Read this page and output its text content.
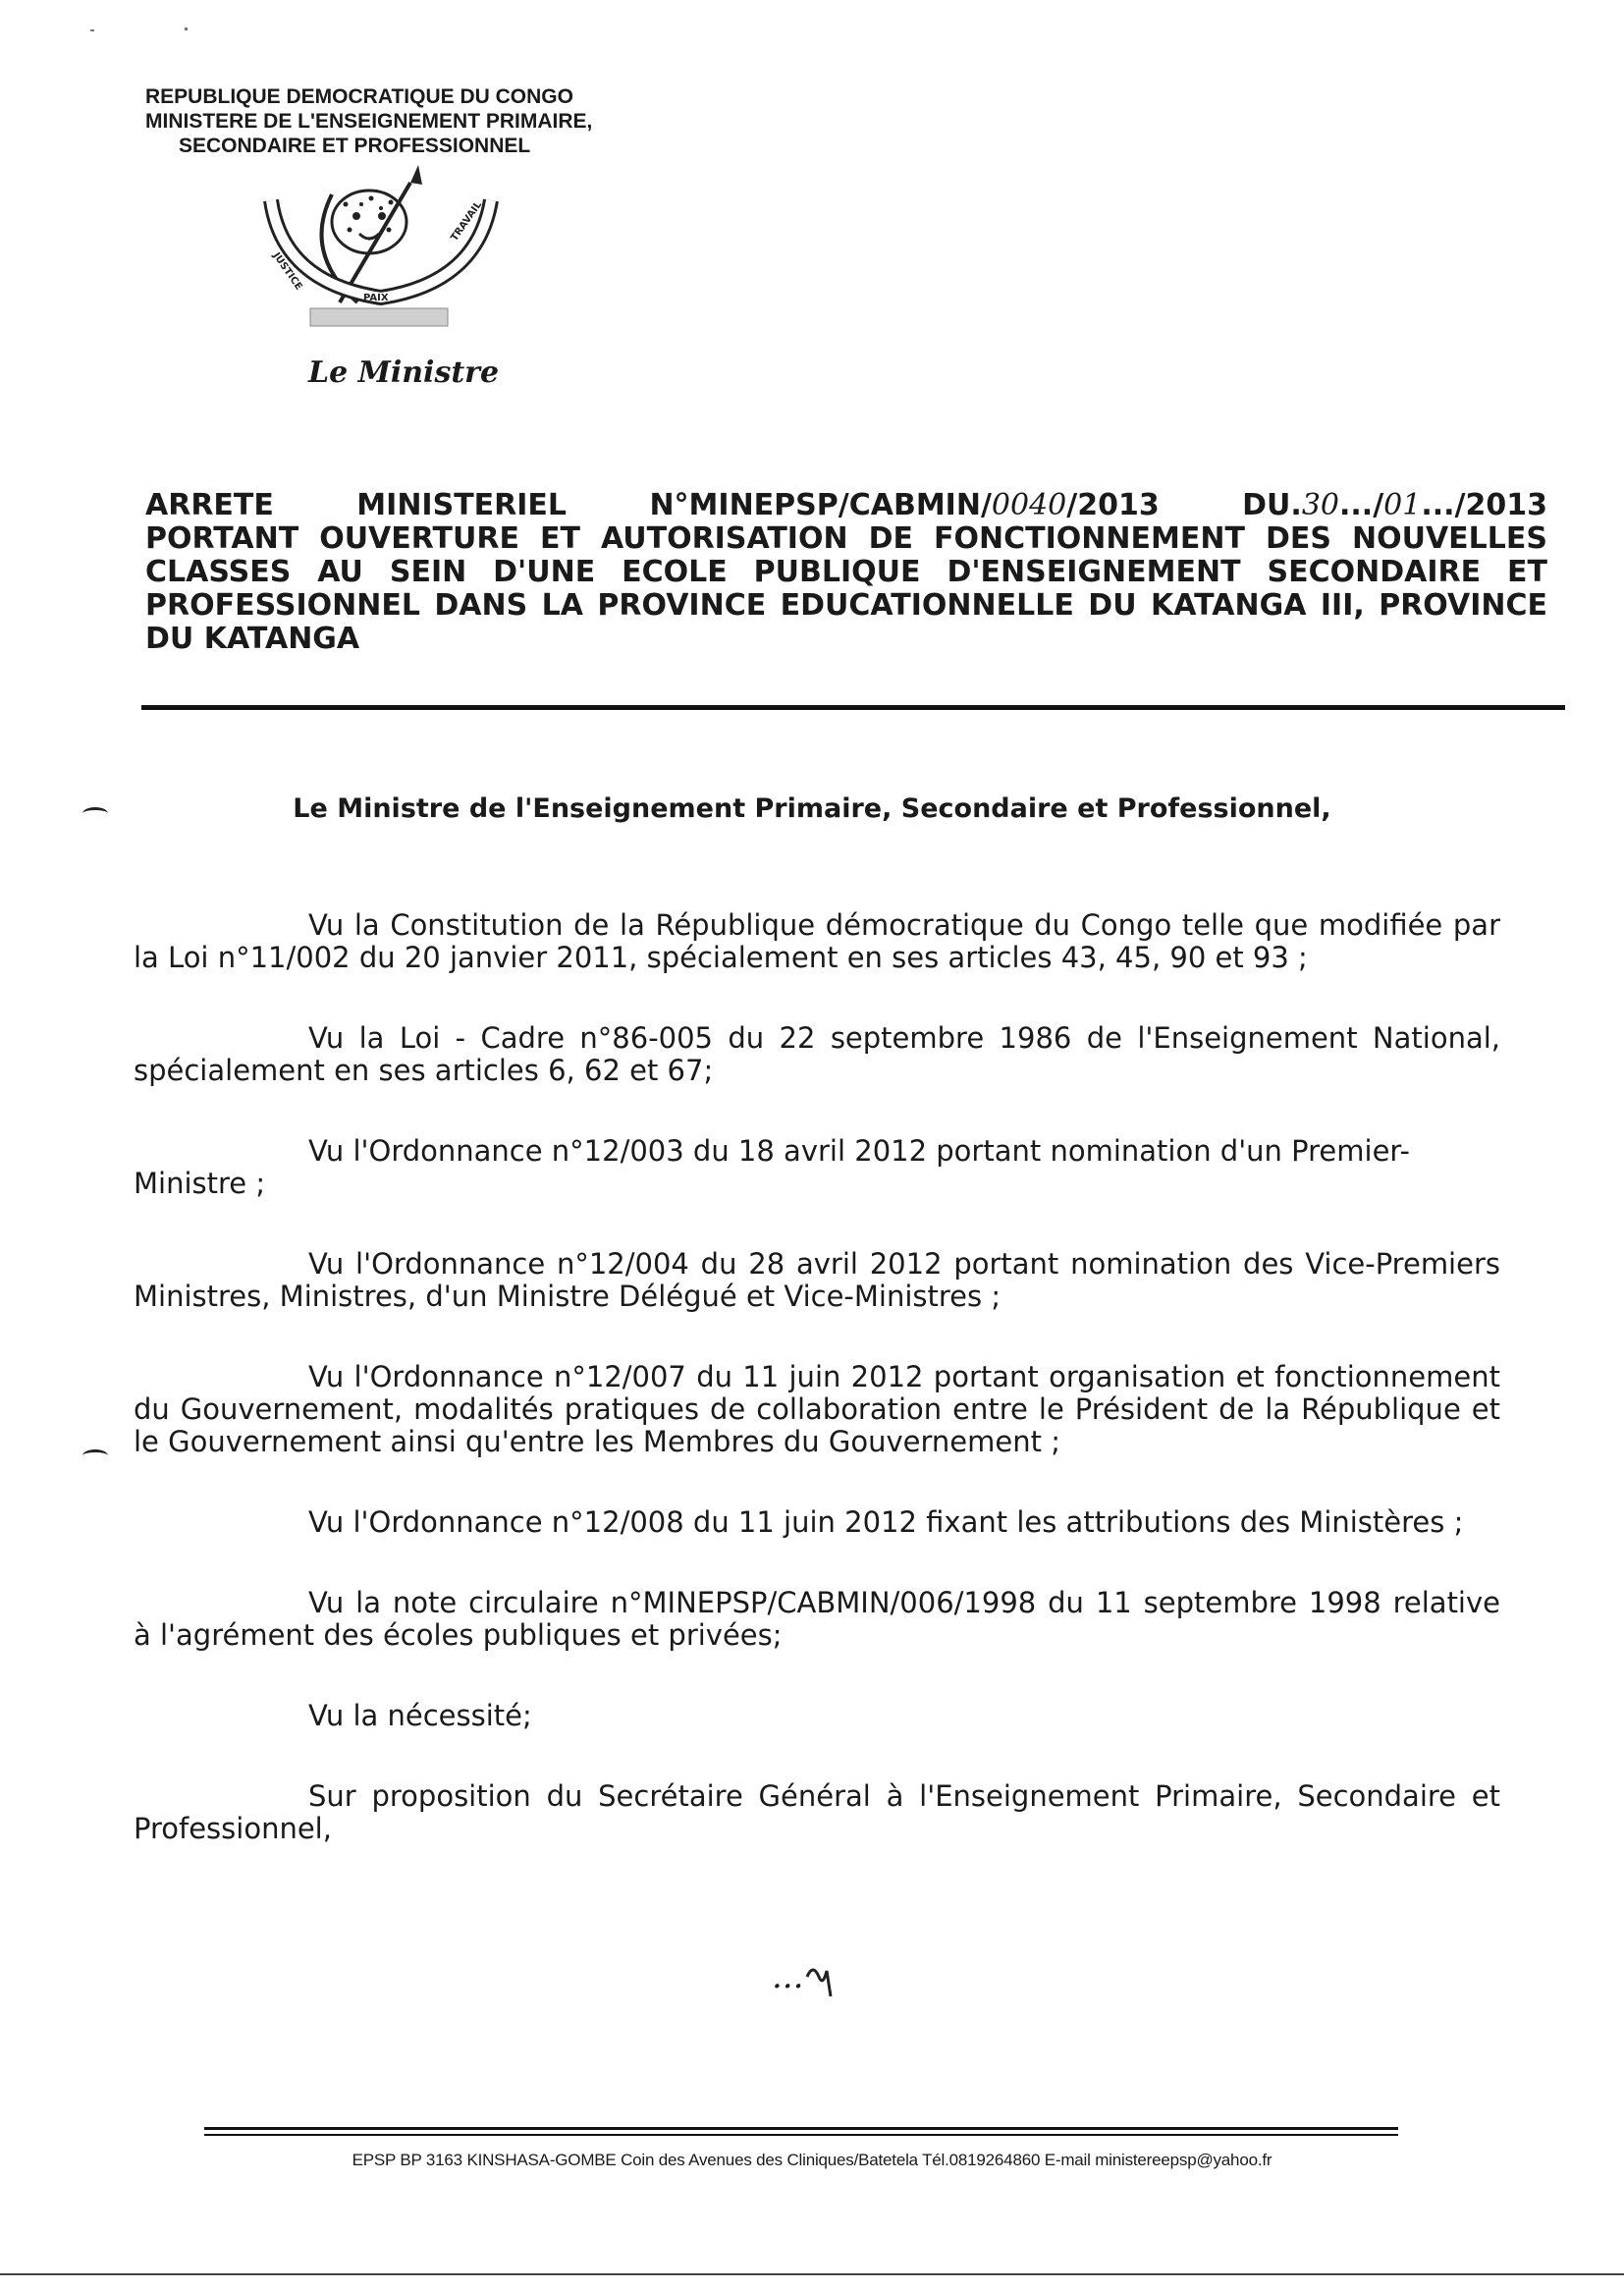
REPUBLIQUE DEMOCRATIQUE DU CONGO
MINISTERE DE L'ENSEIGNEMENT PRIMAIRE,
SECONDAIRE ET PROFESSIONNEL
JUSTICE
PAIX
TRAVAIL
Le Ministre
ARRETE	MINISTERIEL	N°MINEPSP/CABMIN/0040/2013	DU.30.../01.../2013
PORTANT OUVERTURE ET AUTORISATION DE FONCTIONNEMENT DES NOUVELLES CLASSES AU SEIN D'UNE ECOLE PUBLIQUE D'ENSEIGNEMENT SECONDAIRE ET PROFESSIONNEL DANS LA PROVINCE EDUCATIONNELLE DU KATANGA III, PROVINCE DU KATANGA
Le Ministre de l'Enseignement Primaire, Secondaire et Professionnel,

Vu la Constitution de la République démocratique du Congo telle que modifiée par la Loi n°11/002 du 20 janvier 2011, spécialement en ses articles 43, 45, 90 et 93 ;

Vu la Loi - Cadre n°86-005 du 22 septembre 1986 de l'Enseignement National, spécialement en ses articles 6, 62 et 67;

Vu l'Ordonnance n°12/003 du 18 avril 2012 portant nomination d'un Premier-Ministre ;

Vu l'Ordonnance n°12/004 du 28 avril 2012 portant nomination des Vice-Premiers Ministres, Ministres, d'un Ministre Délégué et Vice-Ministres ;

Vu l'Ordonnance n°12/007 du 11 juin 2012 portant organisation et fonctionnement du Gouvernement, modalités pratiques de collaboration entre le Président de la République et le Gouvernement ainsi qu'entre les Membres du Gouvernement ;

Vu l'Ordonnance n°12/008 du 11 juin 2012 fixant les attributions des Ministères ;

Vu la note circulaire n°MINEPSP/CABMIN/006/1998 du 11 septembre 1998 relative à l'agrément des écoles publiques et privées;

Vu la nécessité;

Sur proposition du Secrétaire Général à l'Enseignement Primaire, Secondaire et Professionnel,

...
EPSP BP 3163 KINSHASA-GOMBE Coin des Avenues des Cliniques/Batetela Tél.0819264860 E-mail ministereepsp@yahoo.fr
